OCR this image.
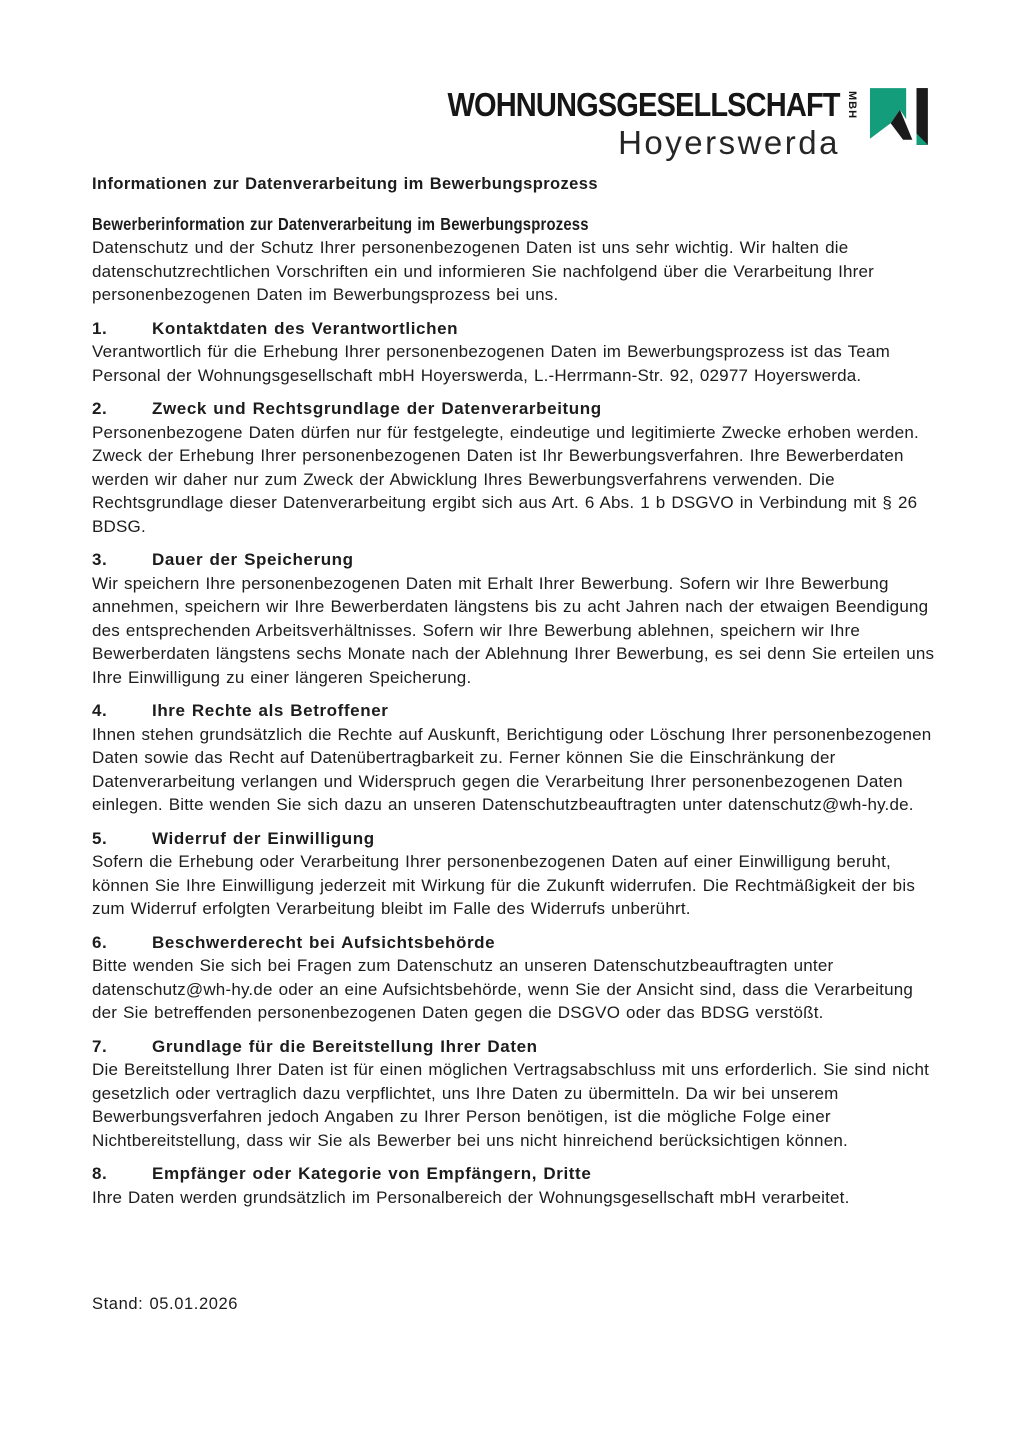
WOHNUNGSGESELLSCHAFT
Hoyerswerda
MBH
Informationen zur Datenverarbeitung im Bewerbungsprozess
Bewerberinformation zur Datenverarbeitung im Bewerbungsprozess

Datenschutz und der Schutz Ihrer personenbezogenen Daten ist uns sehr wichtig. Wir halten die datenschutzrechtlichen Vorschriften ein und informieren Sie nachfolgend über die Verarbeitung Ihrer personenbezogenen Daten im Bewerbungsprozess bei uns.

1.	Kontaktdaten des Verantwortlichen

Verantwortlich für die Erhebung Ihrer personenbezogenen Daten im Bewerbungsprozess ist das Team Personal der Wohnungsgesellschaft mbH Hoyerswerda, L.-Herrmann-Str. 92, 02977 Hoyerswerda.

2.	Zweck und Rechtsgrundlage der Datenverarbeitung

Personenbezogene Daten dürfen nur für festgelegte, eindeutige und legitimierte Zwecke erhoben werden. Zweck der Erhebung Ihrer personenbezogenen Daten ist Ihr Bewerbungsverfahren. Ihre Bewerberdaten werden wir daher nur zum Zweck der Abwicklung Ihres Bewerbungsverfahrens verwenden. Die Rechtsgrundlage dieser Datenverarbeitung ergibt sich aus Art. 6 Abs. 1 b DSGVO in Verbindung mit § 26 BDSG.

3.	Dauer der Speicherung

Wir speichern Ihre personenbezogenen Daten mit Erhalt Ihrer Bewerbung. Sofern wir Ihre Bewerbung annehmen, speichern wir Ihre Bewerberdaten längstens bis zu acht Jahren nach der etwaigen Beendigung des entsprechenden Arbeitsverhältnisses. Sofern wir Ihre Bewerbung ablehnen, speichern wir Ihre Bewerberdaten längstens sechs Monate nach der Ablehnung Ihrer Bewerbung, es sei denn Sie erteilen uns Ihre Einwilligung zu einer längeren Speicherung.

4.	Ihre Rechte als Betroffener

Ihnen stehen grundsätzlich die Rechte auf Auskunft, Berichtigung oder Löschung Ihrer personenbezogenen Daten sowie das Recht auf Datenübertragbarkeit zu. Ferner können Sie die Einschränkung der Datenverarbeitung verlangen und Widerspruch gegen die Verarbeitung Ihrer personenbezogenen Daten einlegen. Bitte wenden Sie sich dazu an unseren Datenschutzbeauftragten unter datenschutz@wh-hy.de.

5.	Widerruf der Einwilligung

Sofern die Erhebung oder Verarbeitung Ihrer personenbezogenen Daten auf einer Einwilligung beruht, können Sie Ihre Einwilligung jederzeit mit Wirkung für die Zukunft widerrufen. Die Rechtmäßigkeit der bis zum Widerruf erfolgten Verarbeitung bleibt im Falle des Widerrufs unberührt.

6.	Beschwerderecht bei Aufsichtsbehörde

Bitte wenden Sie sich bei Fragen zum Datenschutz an unseren Datenschutzbeauftragten unter datenschutz@wh-hy.de oder an eine Aufsichtsbehörde, wenn Sie der Ansicht sind, dass die Verarbeitung der Sie betreffenden personenbezogenen Daten gegen die DSGVO oder das BDSG verstößt.

7.	Grundlage für die Bereitstellung Ihrer Daten

Die Bereitstellung Ihrer Daten ist für einen möglichen Vertragsabschluss mit uns erforderlich. Sie sind nicht gesetzlich oder vertraglich dazu verpflichtet, uns Ihre Daten zu übermitteln. Da wir bei unserem Bewerbungsverfahren jedoch Angaben zu Ihrer Person benötigen, ist die mögliche Folge einer Nichtbereitstellung, dass wir Sie als Bewerber bei uns nicht hinreichend berücksichtigen können.

8.	Empfänger oder Kategorie von Empfängern, Dritte

Ihre Daten werden grundsätzlich im Personalbereich der Wohnungsgesellschaft mbH verarbeitet.

Stand: 05.01.2026
